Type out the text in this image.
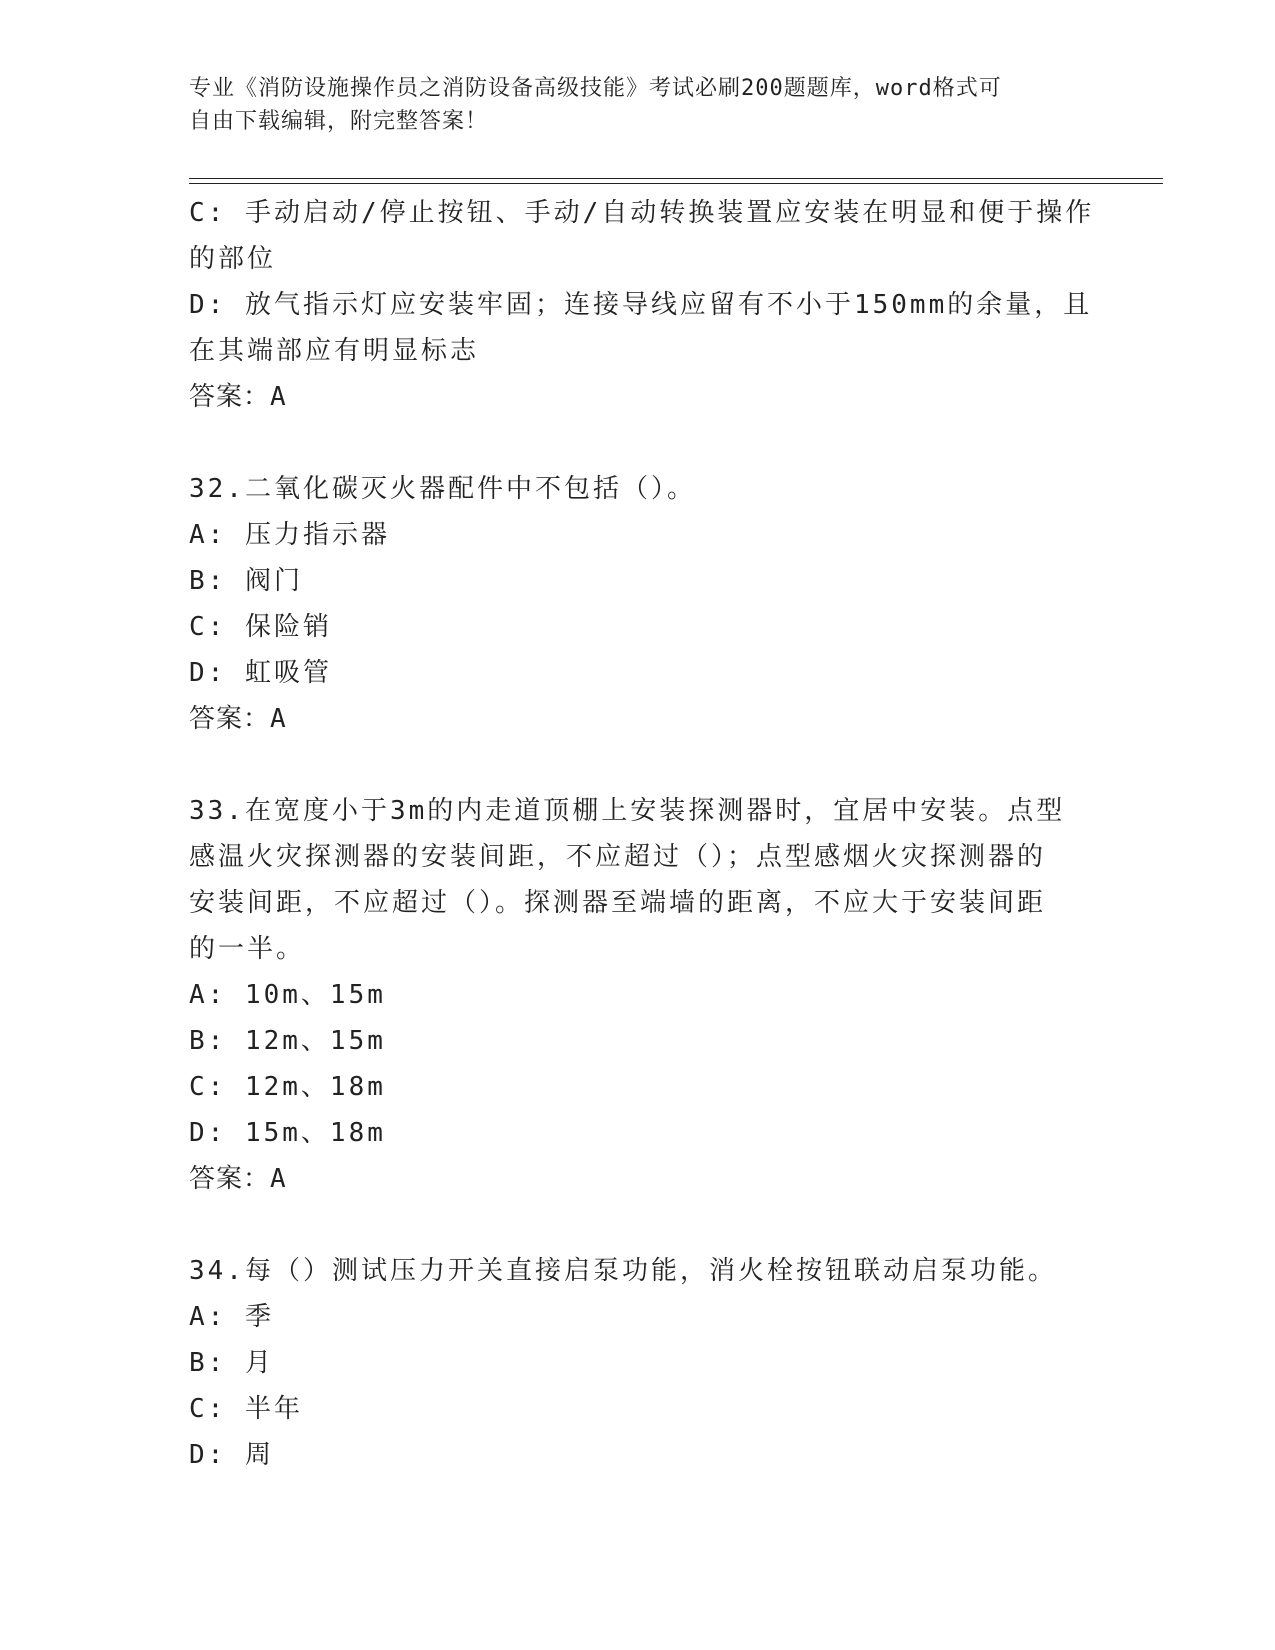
专业《消防设施操作员之消防设备高级技能》考试必刷200题题库，word格式可
自由下载编辑，附完整答案！
C: 手动启动/停止按钮、手动/自动转换装置应安装在明显和便于操作
的部位
D: 放气指示灯应安装牢固；连接导线应留有不小于150mm的余量，且
在其端部应有明显标志
答案：A
32.二氧化碳灭火器配件中不包括（）。
A: 压力指示器
B: 阀门
C: 保险销
D: 虹吸管
答案：A
33.在宽度小于3m的内走道顶棚上安装探测器时，宜居中安装。点型
感温火灾探测器的安装间距，不应超过（）；点型感烟火灾探测器的
安装间距，不应超过（）。探测器至端墙的距离，不应大于安装间距
的一半。
A: 10m、15m
B: 12m、15m
C: 12m、18m
D: 15m、18m
答案：A
34.每（）测试压力开关直接启泵功能，消火栓按钮联动启泵功能。
A: 季
B: 月
C: 半年
D: 周
